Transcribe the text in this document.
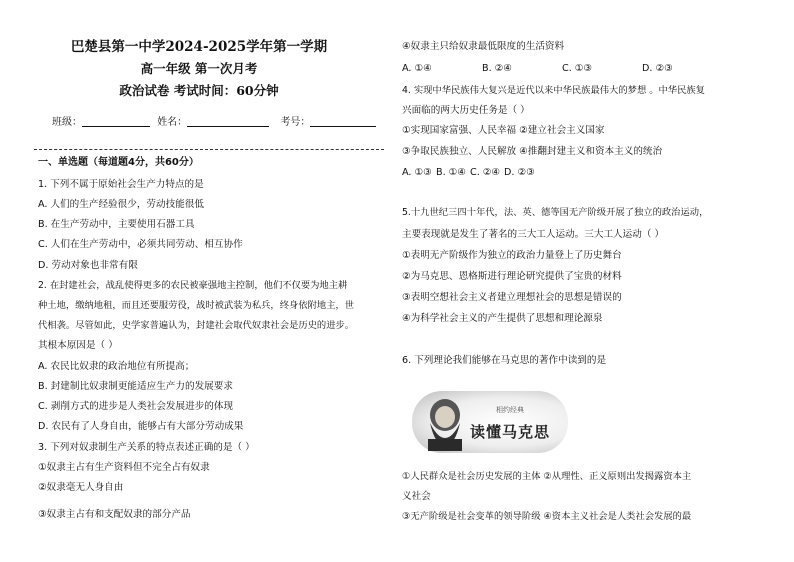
巴楚县第一中学2024-2025学年第一学期
高一年级 第一次月考
政治试卷 考试时间：60分钟
班级：	姓名：	考号：
一、单选题（每道题4分，共60分）
1. 下列不属于原始社会生产力特点的是
A. 人们的生产经验很少，劳动技能很低
B. 在生产劳动中，主要使用石器工具
C. 人们在生产劳动中，必须共同劳动、相互协作
D. 劳动对象也非常有限
2. 在封建社会，战乱使得更多的农民被豪强地主控制，他们不仅要为地主耕
种土地，缴纳地租，而且还要服劳役，战时被武装为私兵，终身依附地主，世
代相袭。尽管如此，史学家普遍认为，封建社会取代奴隶社会是历史的进步。
其根本原因是（ ）
A. 农民比奴隶的政治地位有所提高；
B. 封建制比奴隶制更能适应生产力的发展要求
C. 剥削方式的进步是人类社会发展进步的体现
D. 农民有了人身自由，能够占有大部分劳动成果
3. 下列对奴隶制生产关系的特点表述正确的是（ ）
①奴隶主占有生产资料但不完全占有奴隶
②奴隶毫无人身自由
③奴隶主占有和支配奴隶的部分产品
④奴隶主只给奴隶最低限度的生活资料
A. ①④	B. ②④	C. ①③	D. ②③
4. 实现中华民族伟大复兴是近代以来中华民族最伟大的梦想 。中华民族复
兴面临的两大历史任务是（ ）
①实现国家富强、人民幸福 ②建立社会主义国家
③争取民族独立、人民解放 ④推翻封建主义和资本主义的统治
A. ①③ B. ①④ C. ②④ D. ②③
5.十九世纪三四十年代，法、英、德等国无产阶级开展了独立的政治运动，
主要表现就是发生了著名的三大工人运动。三大工人运动（ ）
①表明无产阶级作为独立的政治力量登上了历史舞台
②为马克思、恩格斯进行理论研究提供了宝贵的材料
③表明空想社会主义者建立理想社会的思想是错误的
④为科学社会主义的产生提供了思想和理论源泉
6. 下列理论我们能够在马克思的著作中读到的是
相约经典
读懂马克思
①人民群众是社会历史发展的主体 ②从理性、正义原则出发揭露资本主
义社会
③无产阶级是社会变革的领导阶级 ④资本主义社会是人类社会发展的最
